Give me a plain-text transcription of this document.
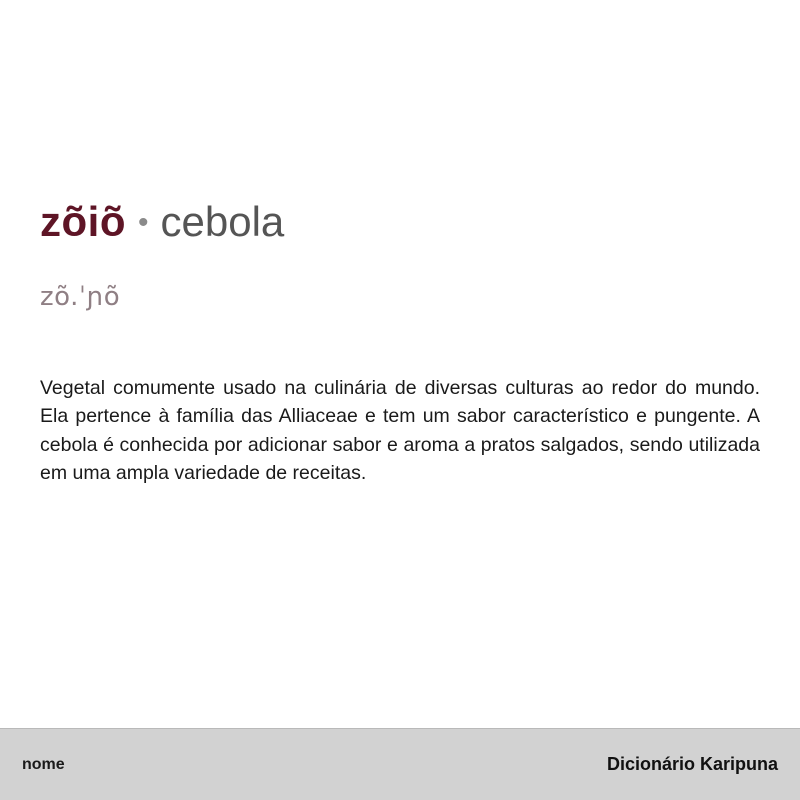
zõiõ • cebola
zõ.ˈɲõ
Vegetal comumente usado na culinária de diversas culturas ao redor do mundo. Ela pertence à família das Alliaceae e tem um sabor característico e pungente. A cebola é conhecida por adicionar sabor e aroma a pratos salgados, sendo utilizada em uma ampla variedade de receitas.
nome	Dicionário Karipuna
